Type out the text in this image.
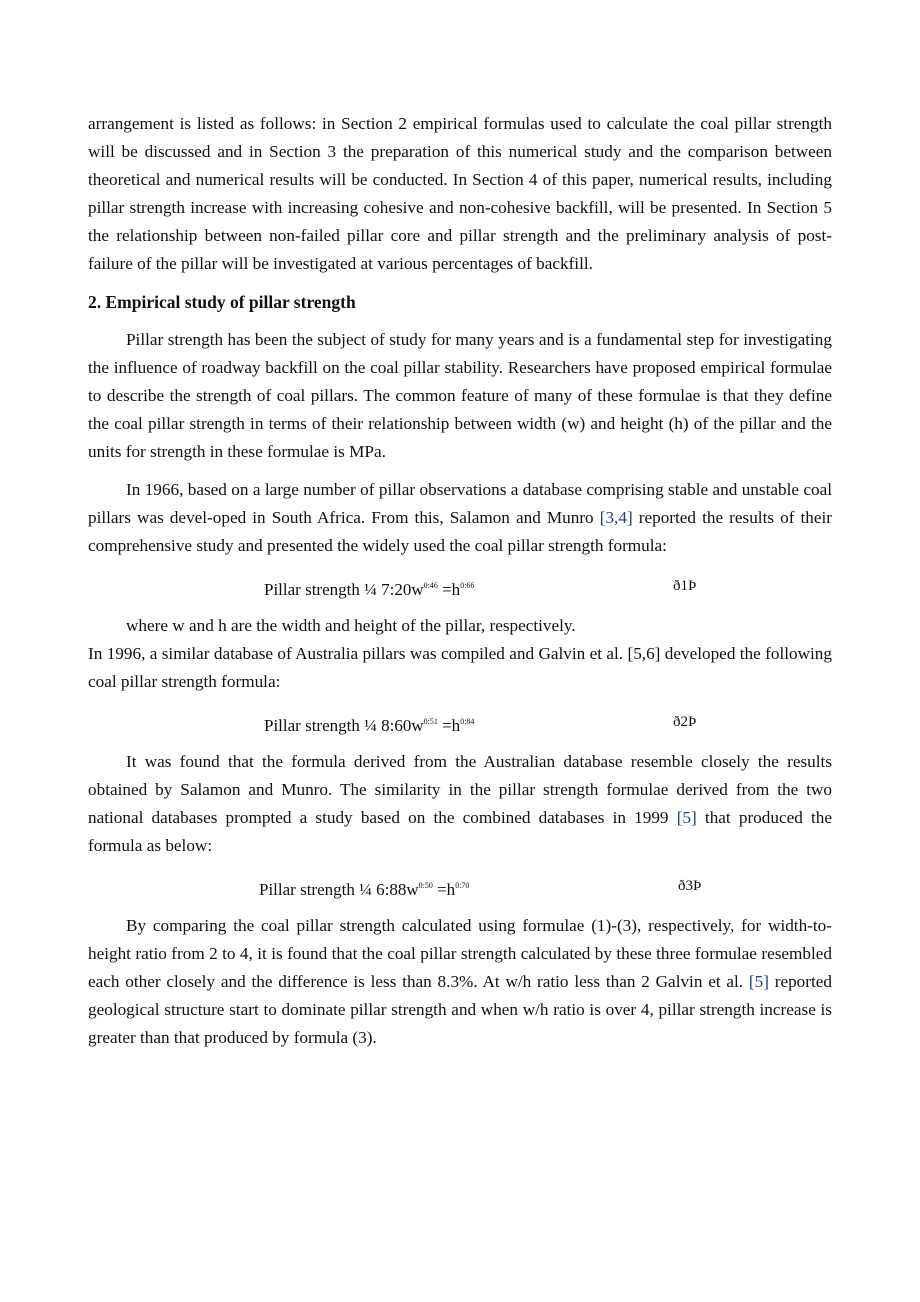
arrangement is listed as follows: in Section 2 empirical formulas used to calculate the coal pillar strength will be discussed and in Section 3 the preparation of this numerical study and the comparison between theoretical and numerical results will be conducted. In Section 4 of this paper, numerical results, including pillar strength increase with increasing cohesive and non-cohesive backfill, will be presented. In Section 5 the relationship between non-failed pillar core and pillar strength and the preliminary analysis of post-failure of the pillar will be investigated at various percentages of backfill.

2. Empirical study of pillar strength

Pillar strength has been the subject of study for many years and is a fundamental step for investigating the influence of roadway backfill on the coal pillar stability. Researchers have proposed empirical formulae to describe the strength of coal pillars. The common feature of many of these formulae is that they define the coal pillar strength in terms of their relationship between width (w) and height (h) of the pillar and the units for strength in these formulae is MPa.

In 1966, based on a large number of pillar observations a database comprising stable and unstable coal pillars was devel-oped in South Africa. From this, Salamon and Munro [3,4] reported the results of their comprehensive study and presented the widely used the coal pillar strength formula:

Pillar strength ¼ $7:20w^{0:46} =h^{0:66}$	ð1Þ

where w and h are the width and height of the pillar, respectively.

In 1996, a similar database of Australia pillars was compiled and Galvin et al. [5,6] developed the following coal pillar strength formula:

Pillar strength ¼ $8:60w^{0:51} =h^{0:84}$	ð2Þ

It was found that the formula derived from the Australian database resemble closely the results obtained by Salamon and Munro. The similarity in the pillar strength formulae derived from the two national databases prompted a study based on the combined databases in 1999 [5] that produced the formula as below:

Pillar strength ¼ $6:88w^{0:50} =h^{0:70}$	ð3Þ

By comparing the coal pillar strength calculated using formulae (1)-(3), respectively, for width-to-height ratio from 2 to 4, it is found that the coal pillar strength calculated by these three formulae resembled each other closely and the difference is less than 8.3%. At w/h ratio less than 2 Galvin et al. [5] reported geological structure start to dominate pillar strength and when w/h ratio is over 4, pillar strength increase is greater than that produced by formula (3).
